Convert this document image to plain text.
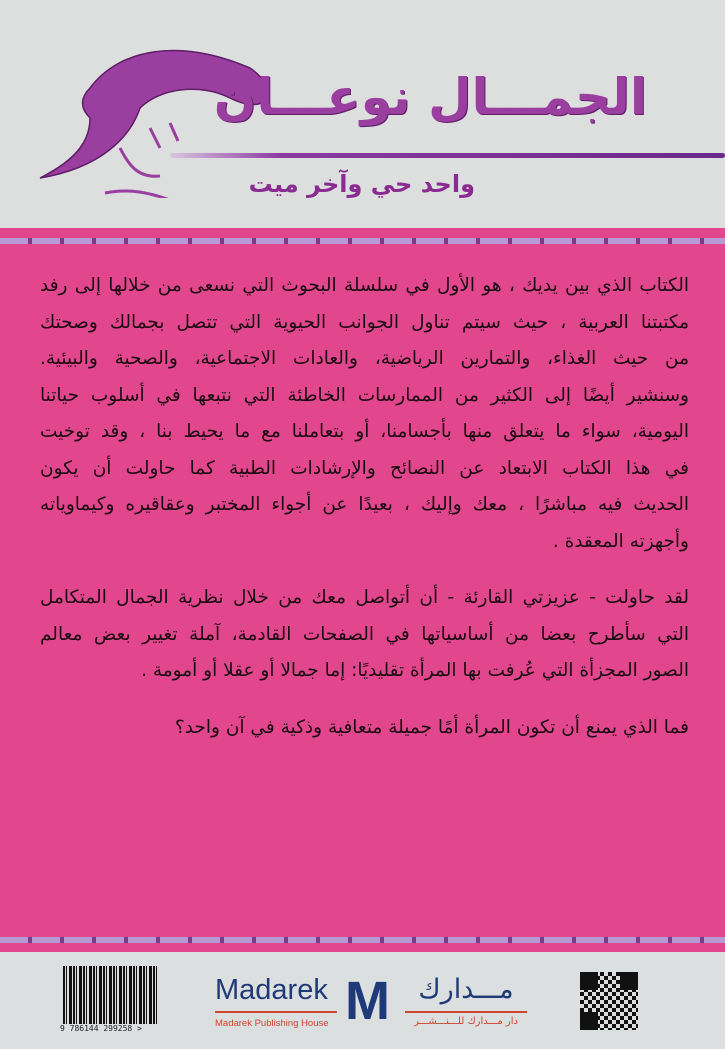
الجمـــال نوعـــان
واحد حي وآخر ميت
الكتاب الذي بين يديك ، هو الأول في سلسلة البحوث التي نسعى من خلالها إلى رفد
مكتبتنا العربية ، حيث سيتم تناول الجوانب الحيوية التي تتصل بجمالك وصحتك
من حيث الغذاء، والتمارين الرياضية، والعادات الاجتماعية، والصحية والبيئية.
وسنشير أيضًا إلى الكثير من الممارسات الخاطئة التي نتبعها في أسلوب حياتنا
اليومية، سواء ما يتعلق منها بأجسامنا، أو بتعاملنا مع ما يحيط بنا ، وقد توخيت
في هذا الكتاب الابتعاد عن النصائح والإرشادات الطبية كما حاولت أن يكون
الحديث فيه مباشرًا ، معك وإليك ، بعيدًا عن أجواء المختبر وعقاقيره وكيماوياته
وأجهزته المعقدة .
لقد حاولت - عزيزتي القارئة - أن أتواصل معك من خلال نظرية الجمال المتكامل
التي سأطرح بعضا من أساسياتها في الصفحات القادمة، آملة تغيير بعض معالم
الصور المجزأة التي عُرفت بها المرأة تقليديًا: إما جمالا أو عقلا أو أمومة .
فما الذي يمنع أن تكون المرأة أمًا جميلة متعافية وذكية في آن واحد؟
9 786144 299258 >
Madarek
Madarek Publishing House M	مـــدارك
دار مـــدارك للـــنـــشـــر
